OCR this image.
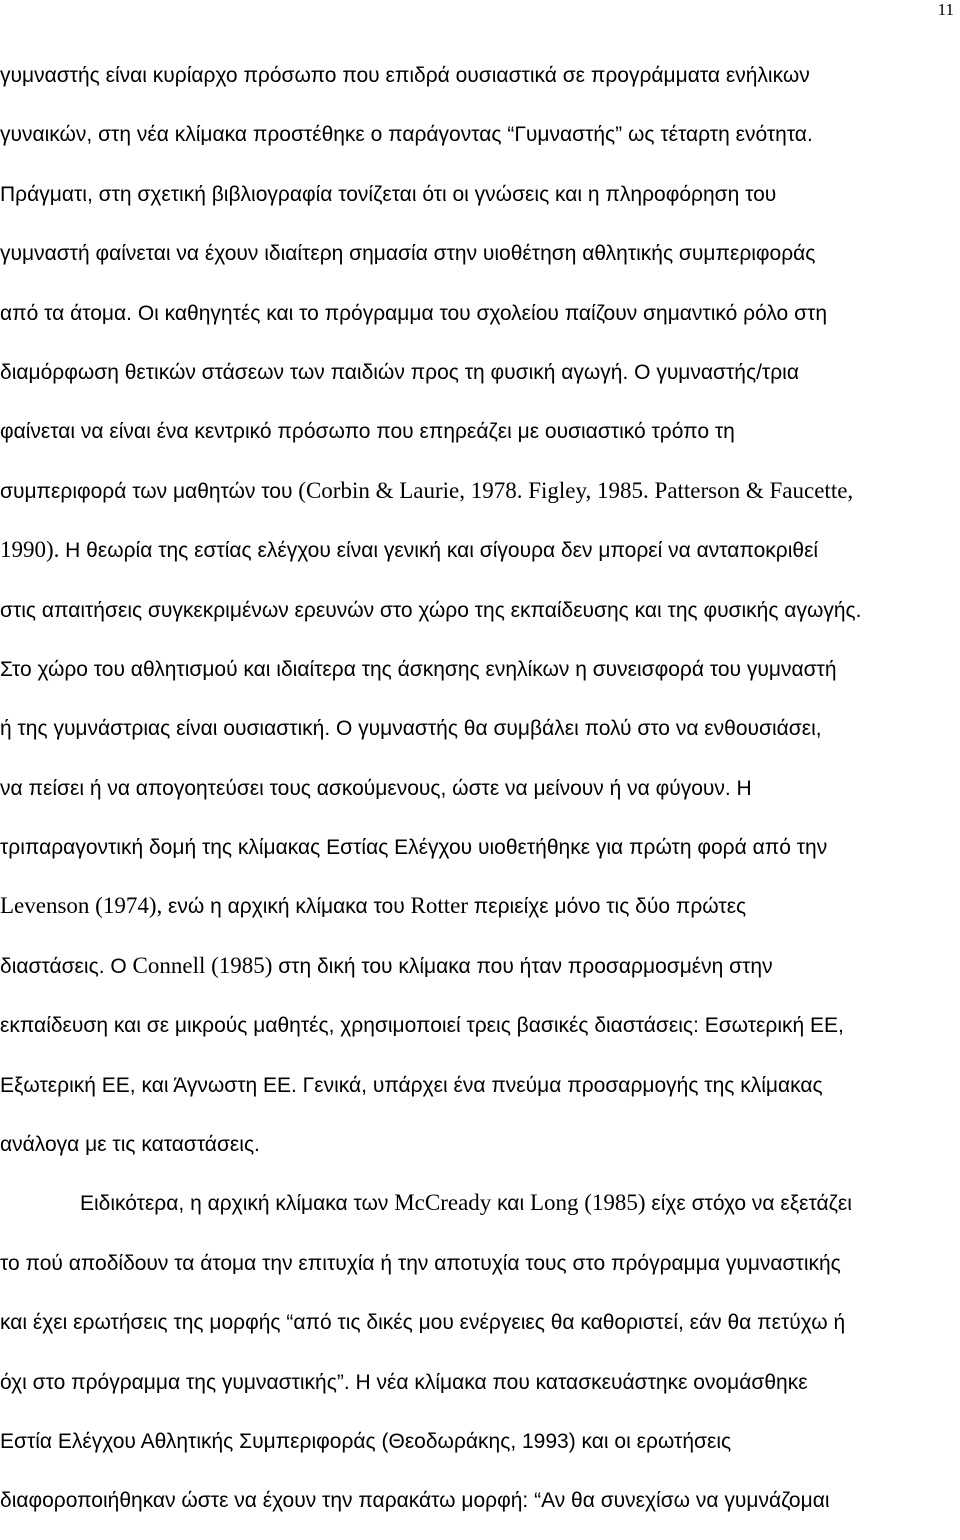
11
γυμναστής είναι κυρίαρχο πρόσωπο που επιδρά ουσιαστικά σε προγράμματα ενήλικων
γυναικών, στη νέα κλίμακα προστέθηκε ο παράγοντας “Γυμναστής” ως τέταρτη ενότητα.
Πράγματι, στη σχετική βιβλιογραφία τονίζεται ότι οι γνώσεις και η πληροφόρηση του
γυμναστή φαίνεται να έχουν ιδιαίτερη σημασία στην υιοθέτηση αθλητικής συμπεριφοράς
από τα άτομα. Οι καθηγητές και το πρόγραμμα του σχολείου παίζουν σημαντικό ρόλο στη
διαμόρφωση θετικών στάσεων των παιδιών προς τη φυσική αγωγή. Ο γυμναστής/τρια
φαίνεται να είναι ένα κεντρικό πρόσωπο που επηρεάζει με ουσιαστικό τρόπο τη
συμπεριφορά των μαθητών του (Corbin & Laurie, 1978. Figley, 1985. Patterson & Faucette,
1990). Η θεωρία της εστίας ελέγχου είναι γενική και σίγουρα δεν μπορεί να ανταποκριθεί
στις απαιτήσεις συγκεκριμένων ερευνών στο χώρο της εκπαίδευσης και της φυσικής αγωγής.
Στο χώρο του αθλητισμού και ιδιαίτερα της άσκησης ενηλίκων η συνεισφορά του γυμναστή
ή της γυμνάστριας είναι ουσιαστική. Ο γυμναστής θα συμβάλει πολύ στο να ενθουσιάσει,
να πείσει ή να απογοητεύσει τους ασκούμενους, ώστε να μείνουν ή να φύγουν. Η
τριπαραγοντική δομή της κλίμακας Εστίας Ελέγχου υιοθετήθηκε για πρώτη φορά από την
Levenson (1974), ενώ η αρχική κλίμακα του Rotter περιείχε μόνο τις δύο πρώτες
διαστάσεις. Ο Connell (1985) στη δική του κλίμακα που ήταν προσαρμοσμένη στην
εκπαίδευση και σε μικρούς μαθητές, χρησιμοποιεί τρεις βασικές διαστάσεις: Εσωτερική ΕΕ,
Εξωτερική ΕΕ, και Άγνωστη ΕΕ. Γενικά, υπάρχει ένα πνεύμα προσαρμογής της κλίμακας
ανάλογα με τις καταστάσεις.
Ειδικότερα, η αρχική κλίμακα των McCready και Long (1985) είχε στόχο να εξετάζει
το πού αποδίδουν τα άτομα την επιτυχία ή την αποτυχία τους στο πρόγραμμα γυμναστικής
και έχει ερωτήσεις της μορφής “από τις δικές μου ενέργειες θα καθοριστεί, εάν θα πετύχω ή
όχι στο πρόγραμμα της γυμναστικής”. Η νέα κλίμακα που κατασκευάστηκε ονομάσθηκε
Εστία Ελέγχου Αθλητικής Συμπεριφοράς (Θεοδωράκης, 1993) και οι ερωτήσεις
διαφοροποιήθηκαν ώστε να έχουν την παρακάτω μορφή: “Αν θα συνεχίσω να γυμνάζομαι
